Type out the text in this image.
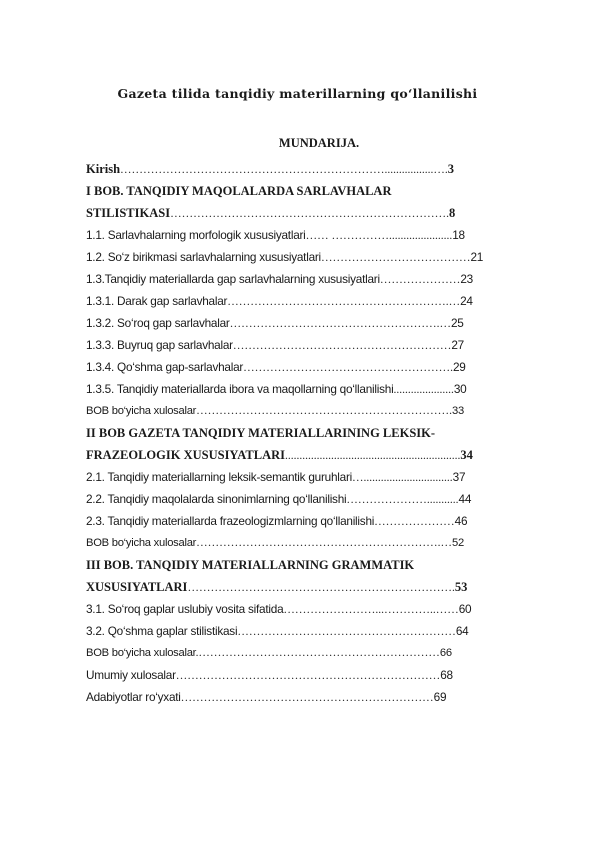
Gazeta tilida tanqidiy materillarning qo‘llanilishi
MUNDARIJA.
Kirish…………………………………………………………….................….3
I BOB. TANQIDIY MAQOLALARDA SARLAVHALAR
STILISTIKASI……………………………………………………………….8
1.1. Sarlavhalarning morfologik xususiyatlari…… ……………......................18
1.2. So‘z birikmasi sarlavhalarning xususiyatlari…………………………………21
1.3.Tanqidiy materiallarda gap sarlavhalarning xususiyatlari…………………23
1.3.1. Darak gap sarlavhalar………………………………………………….…24
1.3.2. So‘roq gap sarlavhalar……………………………………………….…25
1.3.3. Buyruq gap sarlavhalar…………………………………………………27
1.3.4. Qo‘shma gap-sarlavhalar……………………………………………….29
1.3.5. Tanqidiy materiallarda ibora va maqollarning qo‘llanilishi.....................30
BOB bo‘yicha xulosalar………………………………………………………….33
II BOB GAZETA TANQIDIY MATERIALLARINING LEKSIK-
FRAZEOLOGIK XUSUSIYATLARI.............................................................34
2.1. Tanqidiy materiallarning leksik-semantik guruhlari…...............................37
2.2. Tanqidiy maqolalarda sinonimlarning qo‘llanilishi…………………...........44
2.3. Tanqidiy materiallarda frazeologizmlarning qo‘llanilishi…………………46
BOB bo‘yicha xulosalar……………………………………………………….…52
III BOB. TANQIDIY MATERIALLARNING GRAMMATIK
XUSUSIYATLARI…………………………………………………………….53
3.1. So‘roq gaplar uslubiy vosita sifatida……………………...…………..……60
3.2. Qo‘shma gaplar stilistikasi…………………………………………………64
BOB bo‘yicha xulosalar.………………………………………………………66
Umumiy xulosalar……………………………………………………………68
Adabiyotlar ro‘yxati…………………………………………………………69
